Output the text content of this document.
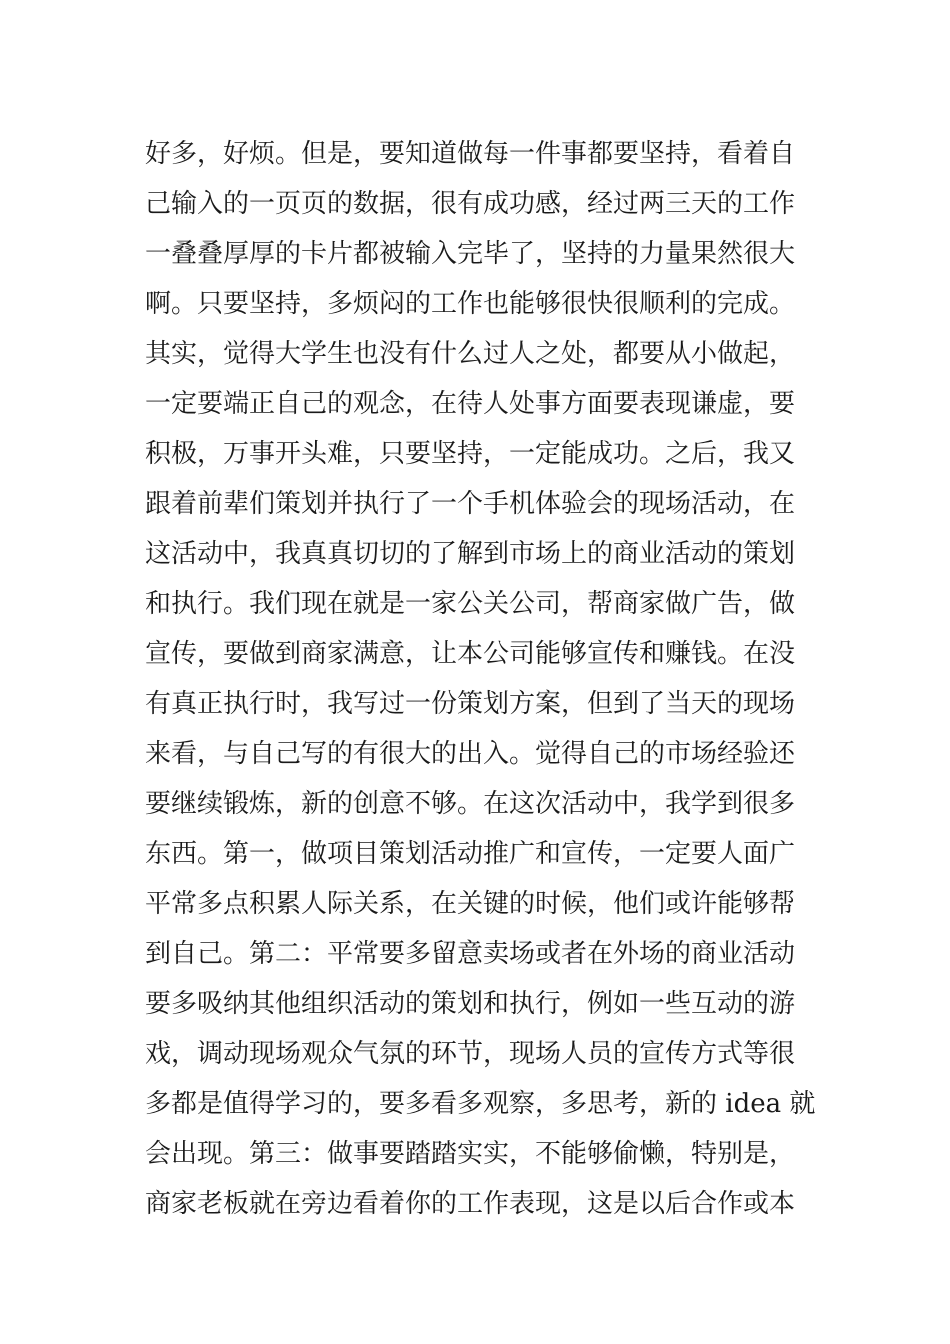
好多，好烦。但是，要知道做每一件事都要坚持，看着自
己输入的一页页的数据，很有成功感，经过两三天的工作
一叠叠厚厚的卡片都被输入完毕了，坚持的力量果然很大
啊。只要坚持，多烦闷的工作也能够很快很顺利的完成。
其实，觉得大学生也没有什么过人之处，都要从小做起，
一定要端正自己的观念，在待人处事方面要表现谦虚，要
积极，万事开头难，只要坚持，一定能成功。之后，我又
跟着前辈们策划并执行了一个手机体验会的现场活动，在
这活动中，我真真切切的了解到市场上的商业活动的策划
和执行。我们现在就是一家公关公司，帮商家做广告，做
宣传，要做到商家满意，让本公司能够宣传和赚钱。在没
有真正执行时，我写过一份策划方案，但到了当天的现场
来看，与自己写的有很大的出入。觉得自己的市场经验还
要继续锻炼，新的创意不够。在这次活动中，我学到很多
东西。第一，做项目策划活动推广和宣传，一定要人面广
平常多点积累人际关系，在关键的时候，他们或许能够帮
到自己。第二：平常要多留意卖场或者在外场的商业活动
要多吸纳其他组织活动的策划和执行，例如一些互动的游
戏，调动现场观众气氛的环节，现场人员的宣传方式等很
多都是值得学习的，要多看多观察，多思考，新的 idea 就
会出现。第三：做事要踏踏实实，不能够偷懒，特别是，
商家老板就在旁边看着你的工作表现，这是以后合作或本
